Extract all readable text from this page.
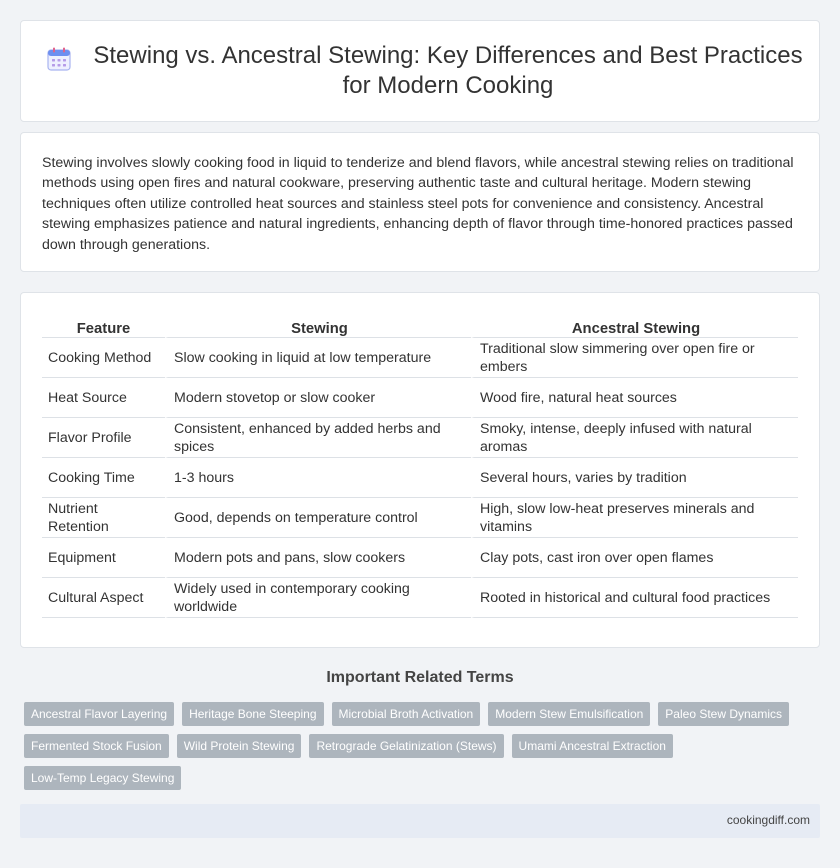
Stewing vs. Ancestral Stewing: Key Differences and Best Practices for Modern Cooking

Stewing involves slowly cooking food in liquid to tenderize and blend flavors, while ancestral stewing relies on traditional methods using open fires and natural cookware, preserving authentic taste and cultural heritage. Modern stewing techniques often utilize controlled heat sources and stainless steel pots for convenience and consistency. Ancestral stewing emphasizes patience and natural ingredients, enhancing depth of flavor through time-honored practices passed down through generations.

Feature	Stewing	Ancestral Stewing
Cooking Method	Slow cooking in liquid at low temperature	Traditional slow simmering over open fire or embers
Heat Source	Modern stovetop or slow cooker	Wood fire, natural heat sources
Flavor Profile	Consistent, enhanced by added herbs and spices	Smoky, intense, deeply infused with natural aromas
Cooking Time	1-3 hours	Several hours, varies by tradition
Nutrient Retention	Good, depends on temperature control	High, slow low-heat preserves minerals and vitamins
Equipment	Modern pots and pans, slow cookers	Clay pots, cast iron over open flames
Cultural Aspect	Widely used in contemporary cooking worldwide	Rooted in historical and cultural food practices
Important Related Terms
Ancestral Flavor Layering	Heritage Bone Steeping	Microbial Broth Activation	Modern Stew Emulsification	Paleo Stew Dynamics
Fermented Stock Fusion	Wild Protein Stewing	Retrograde Gelatinization (Stews)	Umami Ancestral Extraction
Low-Temp Legacy Stewing
cookingdiff.com
